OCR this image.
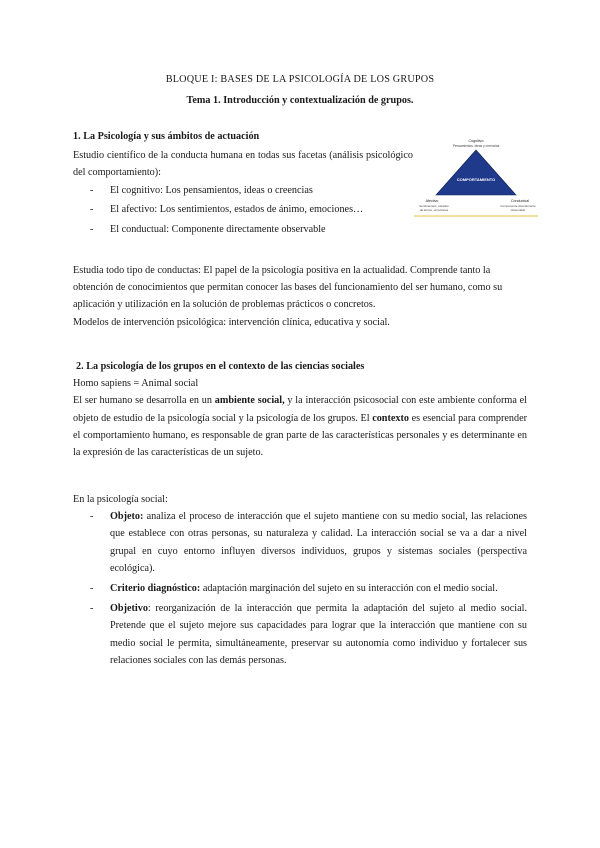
BLOQUE I: BASES DE LA PSICOLOGÍA DE LOS GRUPOS
Tema 1. Introducción y contextualización de grupos.
1. La Psicología y sus ámbitos de actuación
Estudio científico de la conducta humana en todas sus facetas (análisis psicológico del comportamiento):
- El cognitivo: Los pensamientos, ideas o creencias
- El afectivo: Los sentimientos, estados de ánimo, emociones…
- El conductual: Componente directamente observable
Cognitivo
Pensamientos, ideas y creencias
COMPORTAMIENTO
Afectivo
Sentimientos, estados
de ánimo, emociones
Conductual
Componente directamente
observable
Estudia todo tipo de conductas: El papel de la psicología positiva en la actualidad. Comprende tanto la obtención de conocimientos que permitan conocer las bases del funcionamiento del ser humano, como su aplicación y utilización en la solución de problemas prácticos o concretos.
Modelos de intervención psicológica: intervención clínica, educativa y social.
2. La psicología de los grupos en el contexto de las ciencias sociales
Homo sapiens = Animal social
El ser humano se desarrolla en un ambiente social, y la interacción psicosocial con este ambiente conforma el objeto de estudio de la psicología social y la psicología de los grupos. El contexto es esencial para comprender el comportamiento humano, es responsable de gran parte de las características personales y es determinante en la expresión de las características de un sujeto.
En la psicología social:
- Objeto: analiza el proceso de interacción que el sujeto mantiene con su medio social, las relaciones que establece con otras personas, su naturaleza y calidad. La interacción social se va a dar a nivel grupal en cuyo entorno influyen diversos individuos, grupos y sistemas sociales (perspectiva ecológica).
- Criterio diagnóstico: adaptación marginación del sujeto en su interacción con el medio social.
- Objetivo: reorganización de la interacción que permita la adaptación del sujeto al medio social. Pretende que el sujeto mejore sus capacidades para lograr que la interacción que mantiene con su medio social le permita, simultáneamente, preservar su autonomía como individuo y fortalecer sus relaciones sociales con las demás personas.
